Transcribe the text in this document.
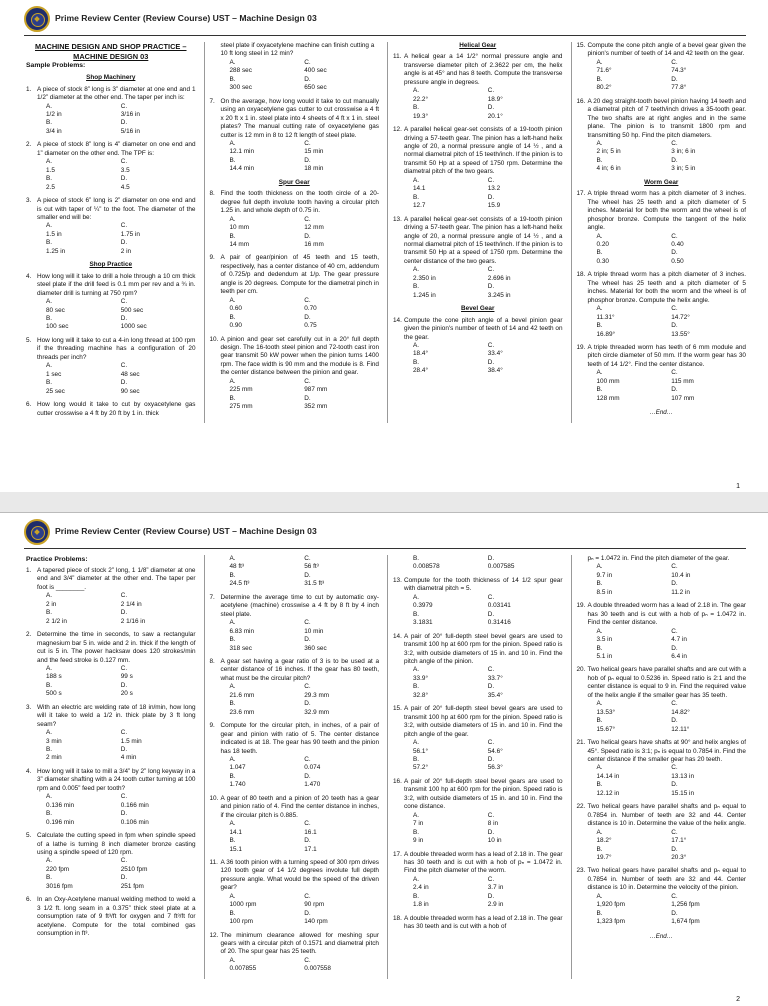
Prime Review Center (Review Course) UST – Machine Design 03
MACHINE DESIGN AND SHOP PRACTICE –
MACHINE DESIGN 03
Sample Problems:
Shop Machinery
1. A piece of stock 8” long is 3” diameter at one end and 1 1/2” diameter at the other end. The taper per inch is:
A.
1/2 in
C.
3/16 in
B.
3/4 in
D.
5/16 in
2. A piece of stock 8” long is 4” diameter on one end and 1” diameter on the other end. The TPF is:
A.
1.5
C.
3.5
B.
2.5
D.
4.5
3. A piece of stock 6” long is 2” diameter on one end and is cut with taper of ¼” to the foot. The diameter of the smaller end will be:
A.
1.5 in
C.
1.75 in
B.
1.25 in
D.
2 in
Shop Practice
4. How long will it take to drill a hole through a 10 cm thick steel plate if the drill feed is 0.1 mm per rev and a ¾ in. diameter drill is turning at 750 rpm?
A.
80 sec
C.
500 sec
B.
100 sec
D.
1000 sec
5. How long will it take to cut a 4-in long thread at 100 rpm if the threading machine has a configuration of 20 threads per inch?
A.
1 sec
C.
48 sec
B.
25 sec
D.
90 sec
6. How long would it take to cut by oxyacetylene gas cutter crosswise a 4 ft by 20 ft by 1 in. thick
steel plate if oxyacetylene machine can finish cutting a 10 ft long steel in 12 min?
A.
288 sec
C.
400 sec
B.
300 sec
D.
650 sec
7. On the average, how long would it take to cut manually using an oxyacetylene gas cutter to cut crosswise a 4 ft x 20 ft x 1 in. steel plate into 4 sheets of 4 ft x 1 in. steel plates? The manual cutting rate of oxyacetylene gas cutter is 12 mm in 8 to 12 ft length of steel plate.
A.
12.1 min
C.
15 min
B.
14.4 min
D.
18 min
Spur Gear
8. Find the tooth thickness on the tooth circle of a 20-degree full depth involute tooth having a circular pitch 1.25 in. and whole depth of 0.75 in.
A.
10 mm
C.
12 mm
B.
14 mm
D.
16 mm
9. A pair of gear/pinion of 45 teeth and 15 teeth, respectively, has a center distance of 40 cm, addendum of 0.725/p and dedendum at 1/p. The gear pressure angle is 20 degrees. Compute for the diametral pinch in teeth per cm.
A.
0.60
C.
0.70
B.
0.90
D.
0.75
10. A pinion and gear set carefully cut in a 20° full depth design. The 16-tooth steel pinion and 72-tooth cast iron gear transmit 50 kW power when the pinion turns 1400 rpm. The face width is 90 mm and the module is 8. Find the center distance between the pinion and gear.
A.
225 mm
C.
987 mm
B.
275 mm
D.
352 mm
Helical Gear
11. A helical gear a 14 1/2° normal pressure angle and transverse diameter pitch of 2.3622 per cm, the helix angle is at 45° and has 8 teeth. Compute the transverse pressure angle in degrees.
A.
22.2°
C.
18.9°
B.
19.3°
D.
20.1°
12. A parallel helical gear-set consists of a 19-tooth pinion driving a 57-teeth gear. The pinion has a left-hand helix angle of 20, a normal pressure angle of 14 ½ , and a normal diametral pitch of 15 teeth/inch. If the pinion is to transmit 50 Hp at a speed of 1750 rpm. Determine the diametral pitch of the two gears.
A.
14.1
C.
13.2
B.
12.7
D.
15.9
13. A parallel helical gear-set consists of a 19-tooth pinion driving a 57-teeth gear. The pinion has a left-hand helix angle of 20, a normal pressure angle of 14 ½ , and a normal diametral pitch of 15 teeth/inch. If the pinion is to transmit 50 Hp at a speed of 1750 rpm. Determine the center distance of the two gears.
A.
2.350 in
C.
2.696 in
B.
1.245 in
D.
3.245 in
Bevel Gear
14. Compute the cone pitch angle of a bevel pinion gear given the pinion's number of teeth of 14 and 42 teeth on the gear.
A.
18.4°
C.
33.4°
B.
28.4°
D.
38.4°
15. Compute the cone pitch angle of a bevel gear given the pinion's number of teeth of 14 and 42 teeth on the gear.
A.
71.6°
C.
74.3°
B.
80.2°
D.
77.8°
16. A 20 deg straight-tooth bevel pinion having 14 teeth and a diametral pitch of 7 teeth/inch drives a 35-tooth gear. The two shafts are at right angles and in the same plane. The pinion is to transmit 1800 rpm and transmitting 50 hp. Find the pitch diameters.
A.
2 in; 5 in
C.
3 in; 6 in
B.
4 in; 6 in
D.
3 in; 5 in
Worm Gear
17. A triple thread worm has a pitch diameter of 3 inches. The wheel has 25 teeth and a pitch diameter of 5 inches. Material for both the worm and the wheel is of phosphor bronze. Compute the tangent of the helix angle.
A.
0.20
C.
0.40
B.
0.30
D.
0.50
18. A triple thread worm has a pitch diameter of 3 inches. The wheel has 25 teeth and a pitch diameter of 5 inches. Material for both the worm and the wheel is of phosphor bronze. Compute the helix angle.
A.
11.31°
C.
14.72°
B.
16.89°
D.
13.55°
19. A triple threaded worm has teeth of 6 mm module and pitch circle diameter of 50 mm. If the worm gear has 30 teeth of 14 1/2°. Find the center distance.
A.
100 mm
C.
115 mm
B.
128 mm
D.
107 mm
…End…
1
Prime Review Center (Review Course) UST – Machine Design 03
Practice Problems:
1. A tapered piece of stock 2” long, 1 1/8” diameter at one end and 3/4” diameter at the other end. The taper per foot is ________.
A.
2 in
C.
2 1/4 in
B.
2 1/2 in
D.
2 1/16 in
2. Determine the time in seconds, to saw a rectangular magnesium bar 5 in. wide and 2 in. thick if the length of cut is 5 in. The power hacksaw does 120 strokes/min and the feed stroke is 0.127 mm.
A.
188 s
C.
99 s
B.
500 s
D.
20 s
3. With an electric arc welding rate of 18 in/min, how long will it take to weld a 1/2 in. thick plate by 3 ft long seam?
A.
3 min
C.
1.5 min
B.
2 min
D.
4 min
4. How long will it take to mill a 3/4” by 2” long keyway in a 3” diameter shafting with a 24 tooth cutter turning at 100 rpm and 0.005” feed per tooth?
A.
0.136 min
C.
0.166 min
B.
0.196 min
D.
0.106 min
5. Calculate the cutting speed in fpm when spindle speed of a lathe is turning 8 inch diameter bronze casting using a spindle speed of 120 rpm.
A.
220 fpm
C.
2510 fpm
B.
3016 fpm
D.
251 fpm
6. In an Oxy-Acetylene manual welding method to weld a 3 1/2 ft. long seam in a 0.375” thick steel plate at a consumption rate of 9 ft³/ft for oxygen and 7 ft³/ft for acetylene. Compute for the total combined gas consumption in ft³.
A.
48 ft³
C.
56 ft³
B.
24.5 ft³
D.
31.5 ft³
7. Determine the average time to cut by automatic oxy-acetylene (machine) crosswise a 4 ft by 8 ft by 4 inch steel plate.
A.
6.83 min
C.
10 min
B.
318 sec
D.
360 sec
8. A gear set having a gear ratio of 3 is to be used at a center distance of 16 inches. If the gear has 80 teeth, what must be the circular pitch?
A.
21.6 mm
C.
29.3 mm
B.
23.6 mm
D.
32.9 mm
9. Compute for the circular pitch, in inches, of a pair of gear and pinion with ratio of 5. The center distance indicated is at 18. The gear has 90 teeth and the pinion has 18 teeth.
A.
1.047
C.
0.074
B.
1.740
D.
1.470
10. A gear of 80 teeth and a pinion of 20 teeth has a gear and pinion ratio of 4. Find the center distance in inches, if the circular pitch is 0.885.
A.
14.1
C.
16.1
B.
15.1
D.
17.1
11. A 36 tooth pinion with a turning speed of 300 rpm drives 120 tooth gear of 14 1/2 degrees involute full depth pressure angle. What would be the speed of the driven gear?
A.
1000 rpm
C.
90 rpm
B.
100 rpm
D.
140 rpm
12. The minimum clearance allowed for meshing spur gears with a circular pitch of 0.1571 and diametral pitch of 20. The spur gear has 25 teeth.
A.
0.007855
C.
0.007558
B.
0.008578
D.
0.007585
13. Compute for the tooth thickness of 14 1/2 spur gear with diametral pitch = 5.
A.
0.3979
C.
0.03141
B.
3.1831
D.
0.31416
14. A pair of 20° full-depth steel bevel gears are used to transmit 100 hp at 600 rpm for the pinion. Speed ratio is 3:2, with outside diameters of 15 in. and 10 in. Find the pitch angle of the pinion.
A.
33.9°
C.
33.7°
B.
32.8°
D.
35.4°
15. A pair of 20° full-depth steel bevel gears are used to transmit 100 hp at 600 rpm for the pinion. Speed ratio is 3:2, with outside diameters of 15 in. and 10 in. Find the pitch angle of the gear.
A.
56.1°
C.
54.6°
B.
57.2°
D.
56.3°
16. A pair of 20° full-depth steel bevel gears are used to transmit 100 hp at 600 rpm for the pinion. Speed ratio is 3:2, with outside diameters of 15 in. and 10 in. Find the cone distance.
A.
7 in
C.
8 in
B.
9 in
D.
10 in
17. A double threaded worm has a lead of 2.18 in. The gear has 30 teeth and is cut with a hob of pₙ = 1.0472 in. Find the pitch diameter of the worm.
A.
2.4 in
C.
3.7 in
B.
1.8 in
D.
2.9 in
18. A double threaded worm has a lead of 2.18 in. The gear has 30 teeth and is cut with a hob of
pₙ = 1.0472 in. Find the pitch diameter of the gear.
A.
9.7 in
C.
10.4 in
B.
8.5 in
D.
11.2 in
19. A double threaded worm has a lead of 2.18 in. The gear has 30 teeth and is cut with a hob of pₙ = 1.0472 in. Find the center distance.
A.
3.5 in
C.
4.7 in
B.
5.1 in
D.
6.4 in
20. Two helical gears have parallel shafts and are cut with a hob of pₙ equal to 0.5236 in. Speed ratio is 2:1 and the center distance is equal to 9 in. Find the required value of the helix angle if the smaller gear has 35 teeth.
A.
13.53°
C.
14.82°
B.
15.67°
D.
12.11°
21. Two helical gears have shafts at 90° and helix angles of 45°. Speed ratio is 3:1; pₙ is equal to 0.7854 in. Find the center distance if the smaller gear has 20 teeth.
A.
14.14 in
C.
13.13 in
B.
12.12 in
D.
15.15 in
22. Two helical gears have parallel shafts and pₙ equal to 0.7854 in. Number of teeth are 32 and 44. Center distance is 10 in. Determine the value of the helix angle.
A.
18.2°
C.
17.1°
B.
19.7°
D.
20.3°
23. Two helical gears have parallel shafts and pₙ equal to 0.7854 in. Number of teeth are 32 and 44. Center distance is 10 in. Determine the velocity of the pinion.
A.
1,920 fpm
C.
1,256 fpm
B.
1,323 fpm
D.
1,674 fpm
…End…
2
